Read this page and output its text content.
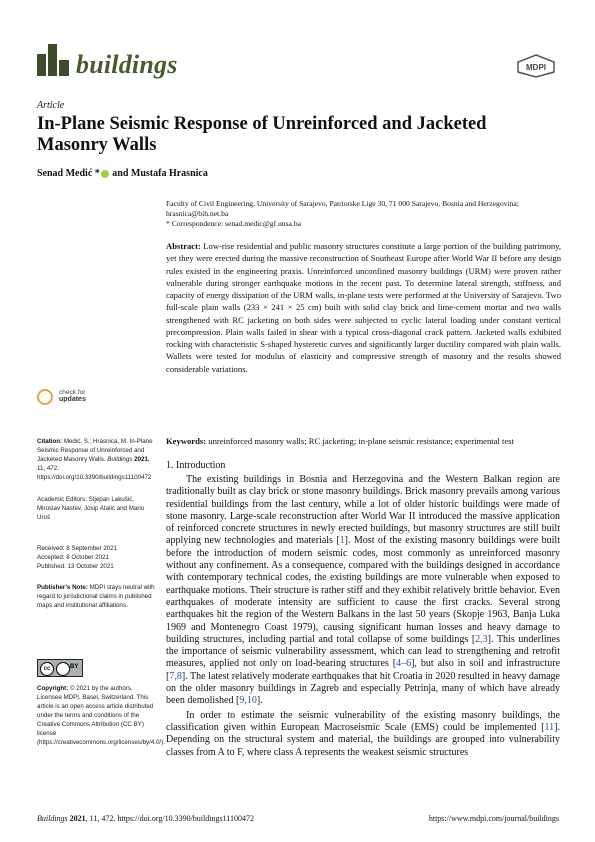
buildings	MDPI
Article
In-Plane Seismic Response of Unreinforced and Jacketed Masonry Walls
Senad Medić * and Mustafa Hrasnica
Faculty of Civil Engineering, University of Sarajevo, Patriotske Lige 30, 71 000 Sarajevo, Bosnia and Herzegovina;
hrasnica@bih.net.ba
* Correspondence: senad.medic@gf.unsa.ba
Abstract: Low-rise residential and public masonry structures constitute a large portion of the building patrimony, yet they were erected during the massive reconstruction of Southeast Europe after World War II before any design rules existed in the engineering praxis. Unreinforced unconfined masonry buildings (URM) were proven rather vulnerable during stronger earthquake motions in the recent past. To determine lateral strength, stiffness, and capacity of energy dissipation of the URM walls, in-plane tests were performed at the University of Sarajevo. Two full-scale plain walls (233 × 241 × 25 cm) built with solid clay brick and lime-cement mortar and two walls strengthened with RC jacketing on both sides were subjected to cyclic lateral loading under constant vertical precompression. Plain walls failed in shear with a typical cross-diagonal crack pattern. Jacketed walls exhibited rocking with characteristic S-shaped hysteretic curves and significantly larger ductility compared with plain walls. Wallets were tested for modulus of elasticity and compressive strength of masonry and the results showed considerable variations.
Keywords: unreinforced masonry walls; RC jacketing; in-plane seismic resistance; experimental test
check for
updates
Citation: Medić, S.; Hrasnica, M. In-Plane Seismic Response of Unreinforced and Jacketed Masonry Walls. Buildings 2021, 11, 472. https://doi.org/10.3390/buildings11100472
Academic Editors: Stjepan Lakušić, Miroslav Nastev, Josip Atalić and Mario Uroš
Received: 8 September 2021
Accepted: 8 October 2021
Published: 13 October 2021
Publisher’s Note: MDPI stays neutral with regard to jurisdictional claims in published maps and institutional affiliations.
cc	BY
Copyright: © 2021 by the authors. Licensee MDPI, Basel, Switzerland. This article is an open access article distributed under the terms and conditions of the Creative Commons Attribution (CC BY) license (https://creativecommons.org/licenses/by/4.0/).
1. Introduction

The existing buildings in Bosnia and Herzegovina and the Western Balkan region are traditionally built as clay brick or stone masonry buildings. Brick masonry prevails among various residential buildings from the last century, while a lot of older historic buildings were made of stone masonry. Large-scale reconstruction after World War II introduced the massive application of reinforced concrete structures in newly erected buildings, but masonry structures are still built applying new technologies and materials [1]. Most of the existing masonry buildings were built before the introduction of modern seismic codes, most commonly as unreinforced masonry without any confinement. As a consequence, compared with the buildings designed in accordance with contemporary technical codes, the existing buildings are more vulnerable when exposed to earthquake motions. Their structure is rather stiff and they exhibit relatively brittle behavior. Even earthquakes of moderate intensity are sufficient to cause the first cracks. Several strong earthquakes hit the region of the Western Balkans in the last 50 years (Skopje 1963, Banja Luka 1969 and Montenegro Coast 1979), causing significant human losses and heavy damage to building structures, including partial and total collapse of some buildings [2,3]. This underlines the importance of seismic vulnerability assessment, which can lead to strengthening and retrofit measures, applied not only on load-bearing structures [4–6], but also in soil and infrastructure [7,8]. The latest relatively moderate earthquakes that hit Croatia in 2020 resulted in heavy damage on the older masonry buildings in Zagreb and especially Petrinja, many of which have already been demolished [9,10].

In order to estimate the seismic vulnerability of the existing masonry buildings, the classification given within European Macroseismic Scale (EMS) could be implemented [11]. Depending on the structural system and material, the buildings are grouped into vulnerability classes from A to F, where class A represents the weakest seismic structures

Buildings 2021, 11, 472. https://doi.org/10.3390/buildings11100472	https://www.mdpi.com/journal/buildings
